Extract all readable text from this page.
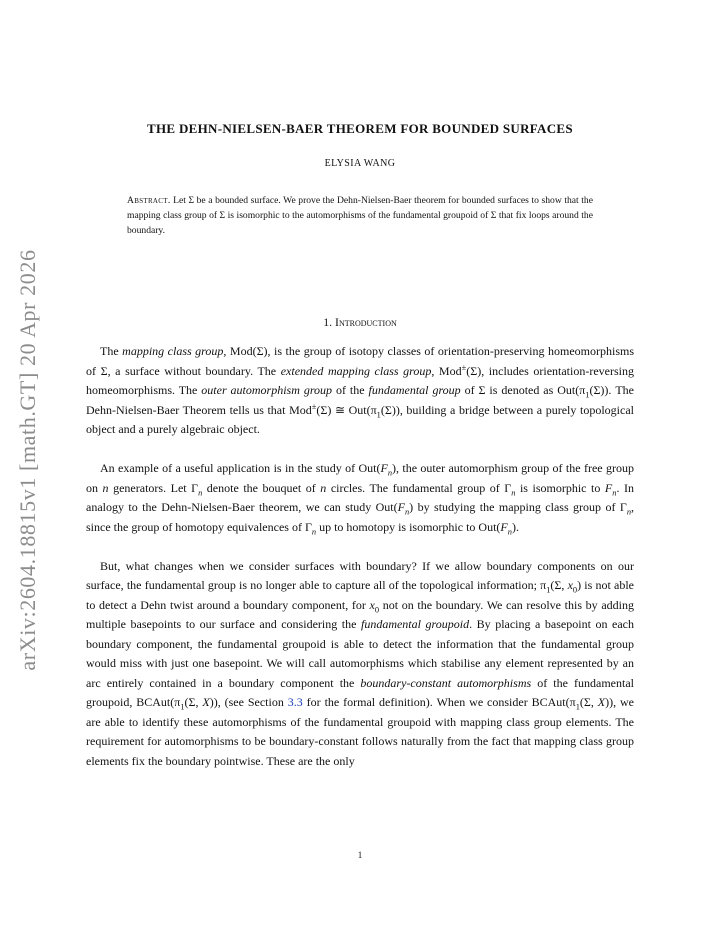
arXiv:2604.18815v1 [math.GT] 20 Apr 2026
THE DEHN-NIELSEN-BAER THEOREM FOR BOUNDED SURFACES
ELYSIA WANG
Abstract. Let Σ be a bounded surface. We prove the Dehn-Nielsen-Baer theorem for bounded surfaces to show that the mapping class group of Σ is isomorphic to the automorphisms of the fundamental groupoid of Σ that fix loops around the boundary.
1. Introduction

The mapping class group, Mod(Σ), is the group of isotopy classes of orientation-preserving homeomorphisms of Σ, a surface without boundary. The extended mapping class group, Mod±(Σ), includes orientation-reversing homeomorphisms. The outer automorphism group of the fundamental group of Σ is denoted as $Out(\pi_1(\Sigma))$. The Dehn-Nielsen-Baer Theorem tells us that Mod±(Σ) ≅ $Out(\pi_1(\Sigma))$, building a bridge between a purely topological object and a purely algebraic object.

An example of a useful application is in the study of $Out(F_n)$, the outer automorphism group of the free group on n generators. Let $\Gamma_n$ denote the bouquet of n circles. The fundamental group of $\Gamma_n$ is isomorphic to $F_n$. In analogy to the Dehn-Nielsen-Baer theorem, we can study $Out(F_n)$ by studying the mapping class group of $\Gamma_n$, since the group of homotopy equivalences of $\Gamma_n$ up to homotopy is isomorphic to $Out(F_n)$.

But, what changes when we consider surfaces with boundary? If we allow boundary components on our surface, the fundamental group is no longer able to capture all of the topological information; $\pi_1(\Sigma$, $x_0$) is not able to detect a Dehn twist around a boundary component, for $x_0$ not on the boundary. We can resolve this by adding multiple basepoints to our surface and considering the fundamental groupoid. By placing a basepoint on each boundary component, the fundamental groupoid is able to detect the information that the fundamental group would miss with just one basepoint. We will call automorphisms which stabilise any element represented by an arc entirely contained in a boundary component the boundary-constant automorphisms of the fundamental groupoid, $BCAut(\pi_1(\Sigma$, X)), (see Section 3.3 for the formal definition). When we consider $BCAut(\pi_1(\Sigma$, X)), we are able to identify these automorphisms of the fundamental groupoid with mapping class group elements. The requirement for automorphisms to be boundary-constant follows naturally from the fact that mapping class group elements fix the boundary pointwise. These are the only

1
